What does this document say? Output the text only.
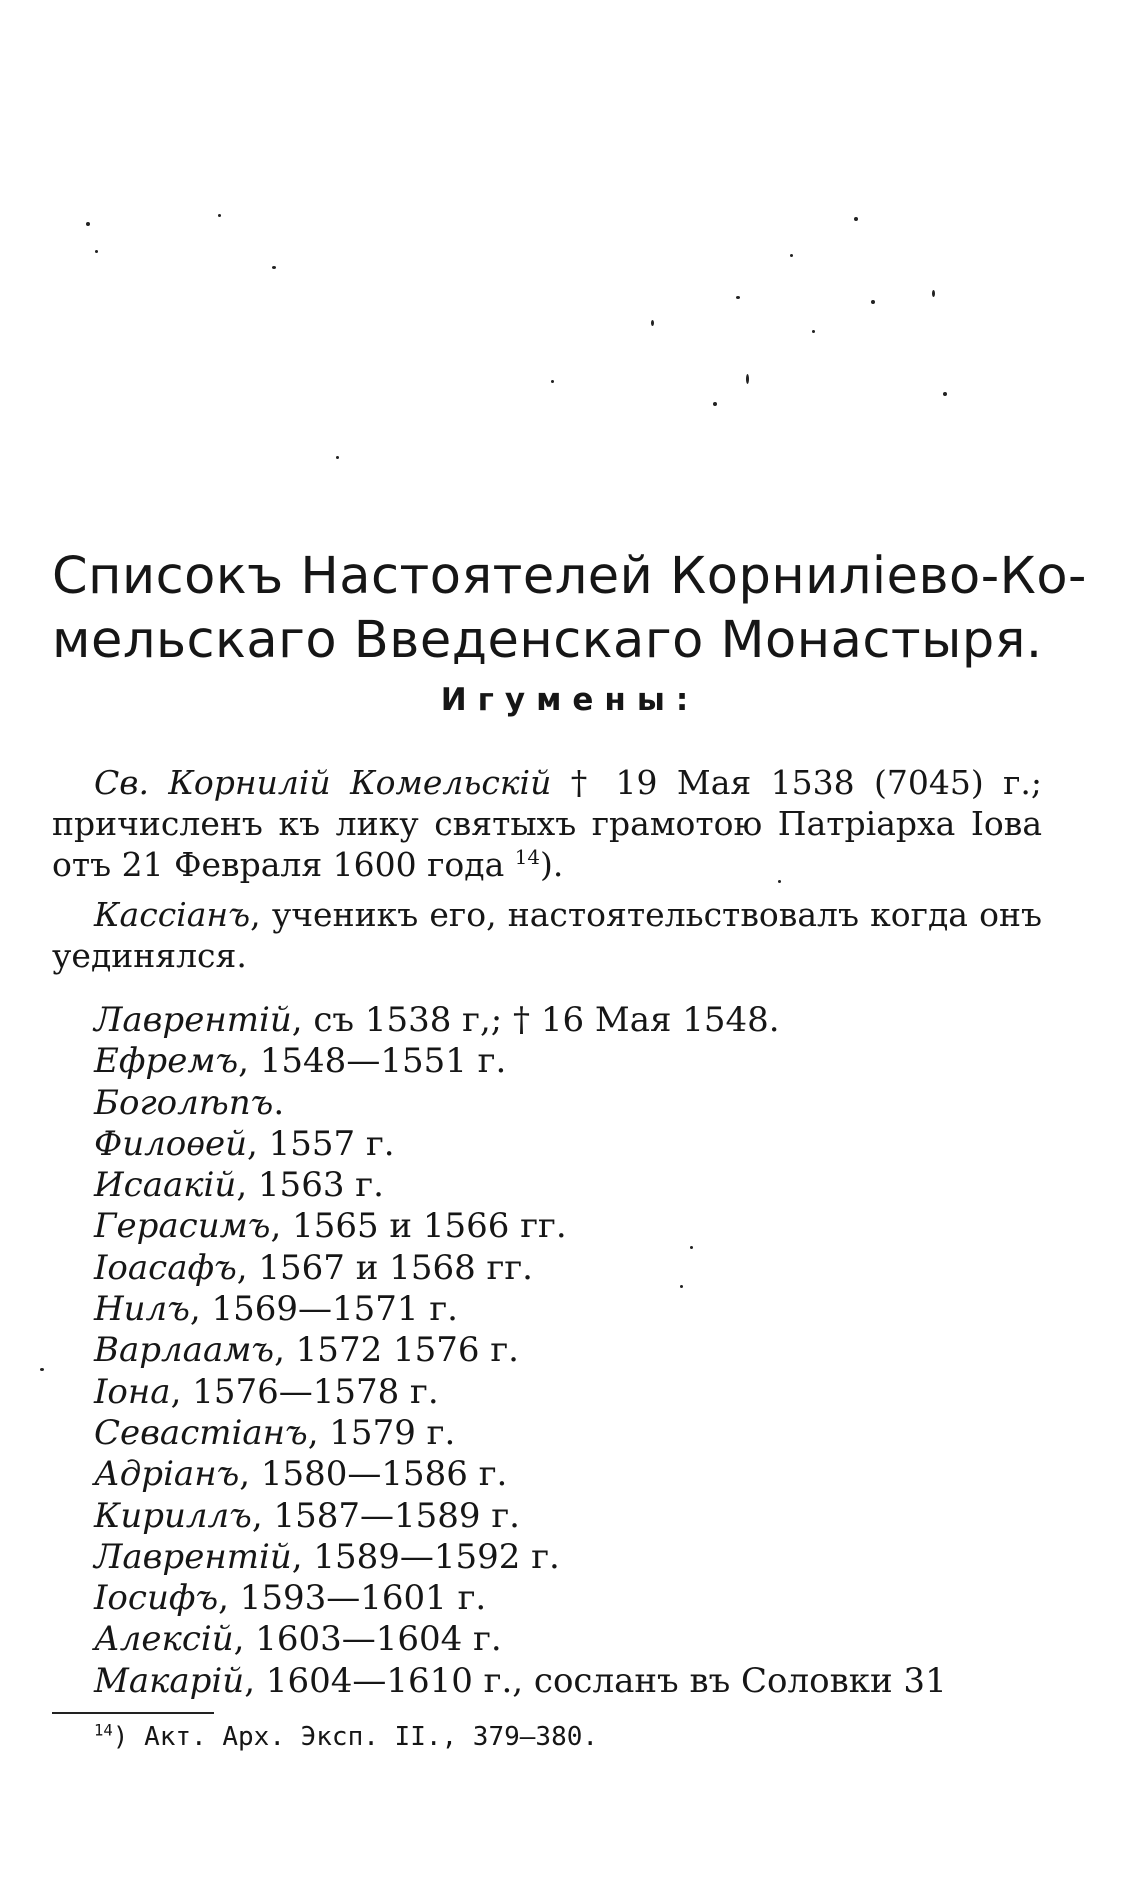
Списокъ Настоятелей Корниліево-Ко-
мельскаго Введенскаго Монастыря.
Игумены:

Св. Корнилій Комельскій † 19 Мая 1538 (7045) г.; причисленъ къ лику святыхъ грамотою Патріарха Іова отъ 21 Февраля 1600 года $^{14}$).

Кассіанъ, ученикъ его, настоятельствовалъ когда онъ уединялся.

Лаврентій, съ 1538 г,; † 16 Мая 1548.

Ефремъ, 1548—1551 г.

Боголѣпъ.

Филоѳей, 1557 г.

Исаакій, 1563 г.

Герасимъ, 1565 и 1566 гг.

Іоасафъ, 1567 и 1568 гг.

Нилъ, 1569—1571 г.

Варлаамъ, 1572 1576 г.

Іона, 1576—1578 г.

Севастіанъ, 1579 г.

Адріанъ, 1580—1586 г.

Кириллъ, 1587—1589 г.

Лаврентій, 1589—1592 г.

Іосифъ, 1593—1601 г.

Алексій, 1603—1604 г.

Макарій, 1604—1610 г., сосланъ въ Соловки 31

$^{14}$) Акт. Арх. Эксп. II., 379—380.
